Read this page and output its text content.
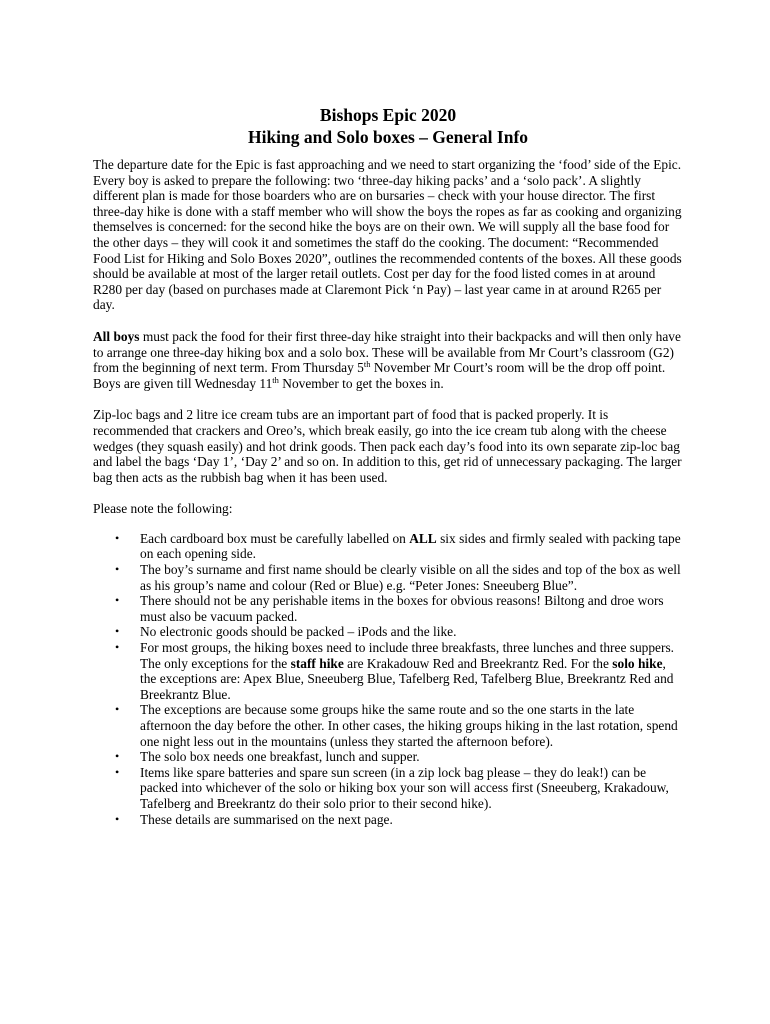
Bishops Epic 2020
Hiking and Solo boxes – General Info

The departure date for the Epic is fast approaching and we need to start organizing the ‘food’ side of the Epic. Every boy is asked to prepare the following: two ‘three-day hiking packs’ and a ‘solo pack’. A slightly different plan is made for those boarders who are on bursaries – check with your house director. The first three-day hike is done with a staff member who will show the boys the ropes as far as cooking and organizing themselves is concerned: for the second hike the boys are on their own. We will supply all the base food for the other days – they will cook it and sometimes the staff do the cooking. The document: “Recommended Food List for Hiking and Solo Boxes 2020”, outlines the recommended contents of the boxes. All these goods should be available at most of the larger retail outlets. Cost per day for the food listed comes in at around R280 per day (based on purchases made at Claremont Pick ‘n Pay) – last year came in at around R265 per day.

All boys must pack the food for their first three-day hike straight into their backpacks and will then only have to arrange one three-day hiking box and a solo box. These will be available from Mr Court’s classroom (G2) from the beginning of next term. From Thursday 5th November Mr Court’s room will be the drop off point. Boys are given till Wednesday 11th November to get the boxes in.

Zip-loc bags and 2 litre ice cream tubs are an important part of food that is packed properly. It is recommended that crackers and Oreo’s, which break easily, go into the ice cream tub along with the cheese wedges (they squash easily) and hot drink goods. Then pack each day’s food into its own separate zip-loc bag and label the bags ‘Day 1’, ‘Day 2’ and so on. In addition to this, get rid of unnecessary packaging. The larger bag then acts as the rubbish bag when it has been used.

Please note the following:

• Each cardboard box must be carefully labelled on ALL six sides and firmly sealed with packing tape on each opening side.
• The boy’s surname and first name should be clearly visible on all the sides and top of the box as well as his group’s name and colour (Red or Blue) e.g. “Peter Jones: Sneeuberg Blue”.
• There should not be any perishable items in the boxes for obvious reasons! Biltong and droe wors must also be vacuum packed.
• No electronic goods should be packed – iPods and the like.
• For most groups, the hiking boxes need to include three breakfasts, three lunches and three suppers. The only exceptions for the staff hike are Krakadouw Red and Breekrantz Red. For the solo hike, the exceptions are: Apex Blue, Sneeuberg Blue, Tafelberg Red, Tafelberg Blue, Breekrantz Red and Breekrantz Blue.
• The exceptions are because some groups hike the same route and so the one starts in the late afternoon the day before the other. In other cases, the hiking groups hiking in the last rotation, spend one night less out in the mountains (unless they started the afternoon before).
• The solo box needs one breakfast, lunch and supper.
• Items like spare batteries and spare sun screen (in a zip lock bag please – they do leak!) can be packed into whichever of the solo or hiking box your son will access first (Sneeuberg, Krakadouw, Tafelberg and Breekrantz do their solo prior to their second hike).
• These details are summarised on the next page.
